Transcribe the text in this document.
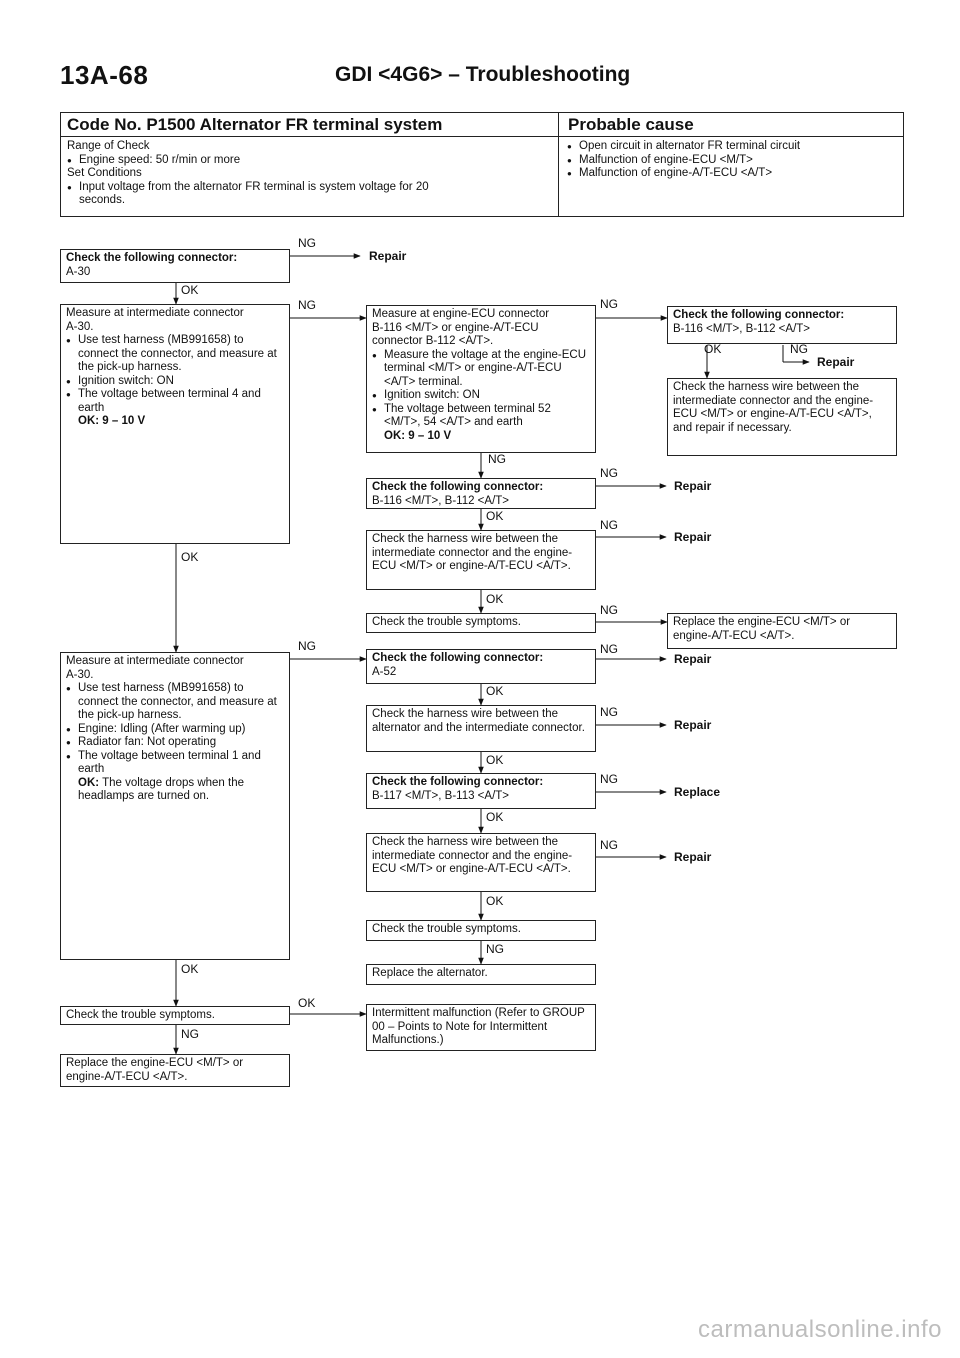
13A-68	GDI <4G6> – Troubleshooting
Code No. P1500 Alternator FR terminal system	Probable cause
Range of Check
● Engine speed: 50 r/min or more
Set Conditions
● Input voltage from the alternator FR terminal is system voltage for 20
seconds.
● Open circuit in alternator FR terminal circuit
● Malfunction of engine-ECU <M/T>
● Malfunction of engine-A/T-ECU <A/T>
Check the following connector:
A-30
Measure at intermediate connector
A-30.
● Use test harness (MB991658) to connect the connector, and measure at the pick-up harness.
● Ignition switch: ON
● The voltage between terminal 4 and earth
OK: 9 – 10 V
Measure at engine-ECU connector
B-116 <M/T> or engine-A/T-ECU
connector B-112 <A/T>.
● Measure the voltage at the engine-ECU terminal <M/T> or engine-A/T-ECU <A/T> terminal.
● Ignition switch: ON
● The voltage between terminal 52 <M/T>, 54 <A/T> and earth
OK: 9 – 10 V
Check the following connector:
B-116 <M/T>, B-112 <A/T>
Check the harness wire between the intermediate connector and the engine-ECU <M/T> or engine-A/T-ECU <A/T>, and repair if necessary.
Check the following connector:
B-116 <M/T>, B-112 <A/T>
Check the harness wire between the intermediate connector and the engine-ECU <M/T> or engine-A/T-ECU <A/T>.
Check the trouble symptoms.	Replace the engine-ECU <M/T> or engine-A/T-ECU <A/T>.
Measure at intermediate connector
A-30.
● Use test harness (MB991658) to connect the connector, and measure at the pick-up harness.
● Engine: Idling (After warming up)
● Radiator fan: Not operating
● The voltage between terminal 1 and earth
OK: The voltage drops when the headlamps are turned on.
Check the following connector:
A-52
Check the harness wire between the alternator and the intermediate connector.
Check the following connector:
B-117 <M/T>, B-113 <A/T>
Check the harness wire between the intermediate connector and the engine-ECU <M/T> or engine-A/T-ECU <A/T>.
Check the trouble symptoms.
Replace the alternator.
Check the trouble symptoms.	Intermittent malfunction (Refer to GROUP 00 – Points to Note for Intermittent Malfunctions.)
Replace the engine-ECU <M/T> or engine-A/T-ECU <A/T>.
NG
OK
NG	NG
OK	NG
NG
NG
OK
NG
OK
OK
NG
NG	NG
OK
NG
OK
NG
OK
NG
OK
NG
OK
OK
NG
Repair
Repair
Repair
Repair
Repair
Repair
Replace
Repair
carmanualsonline.info
